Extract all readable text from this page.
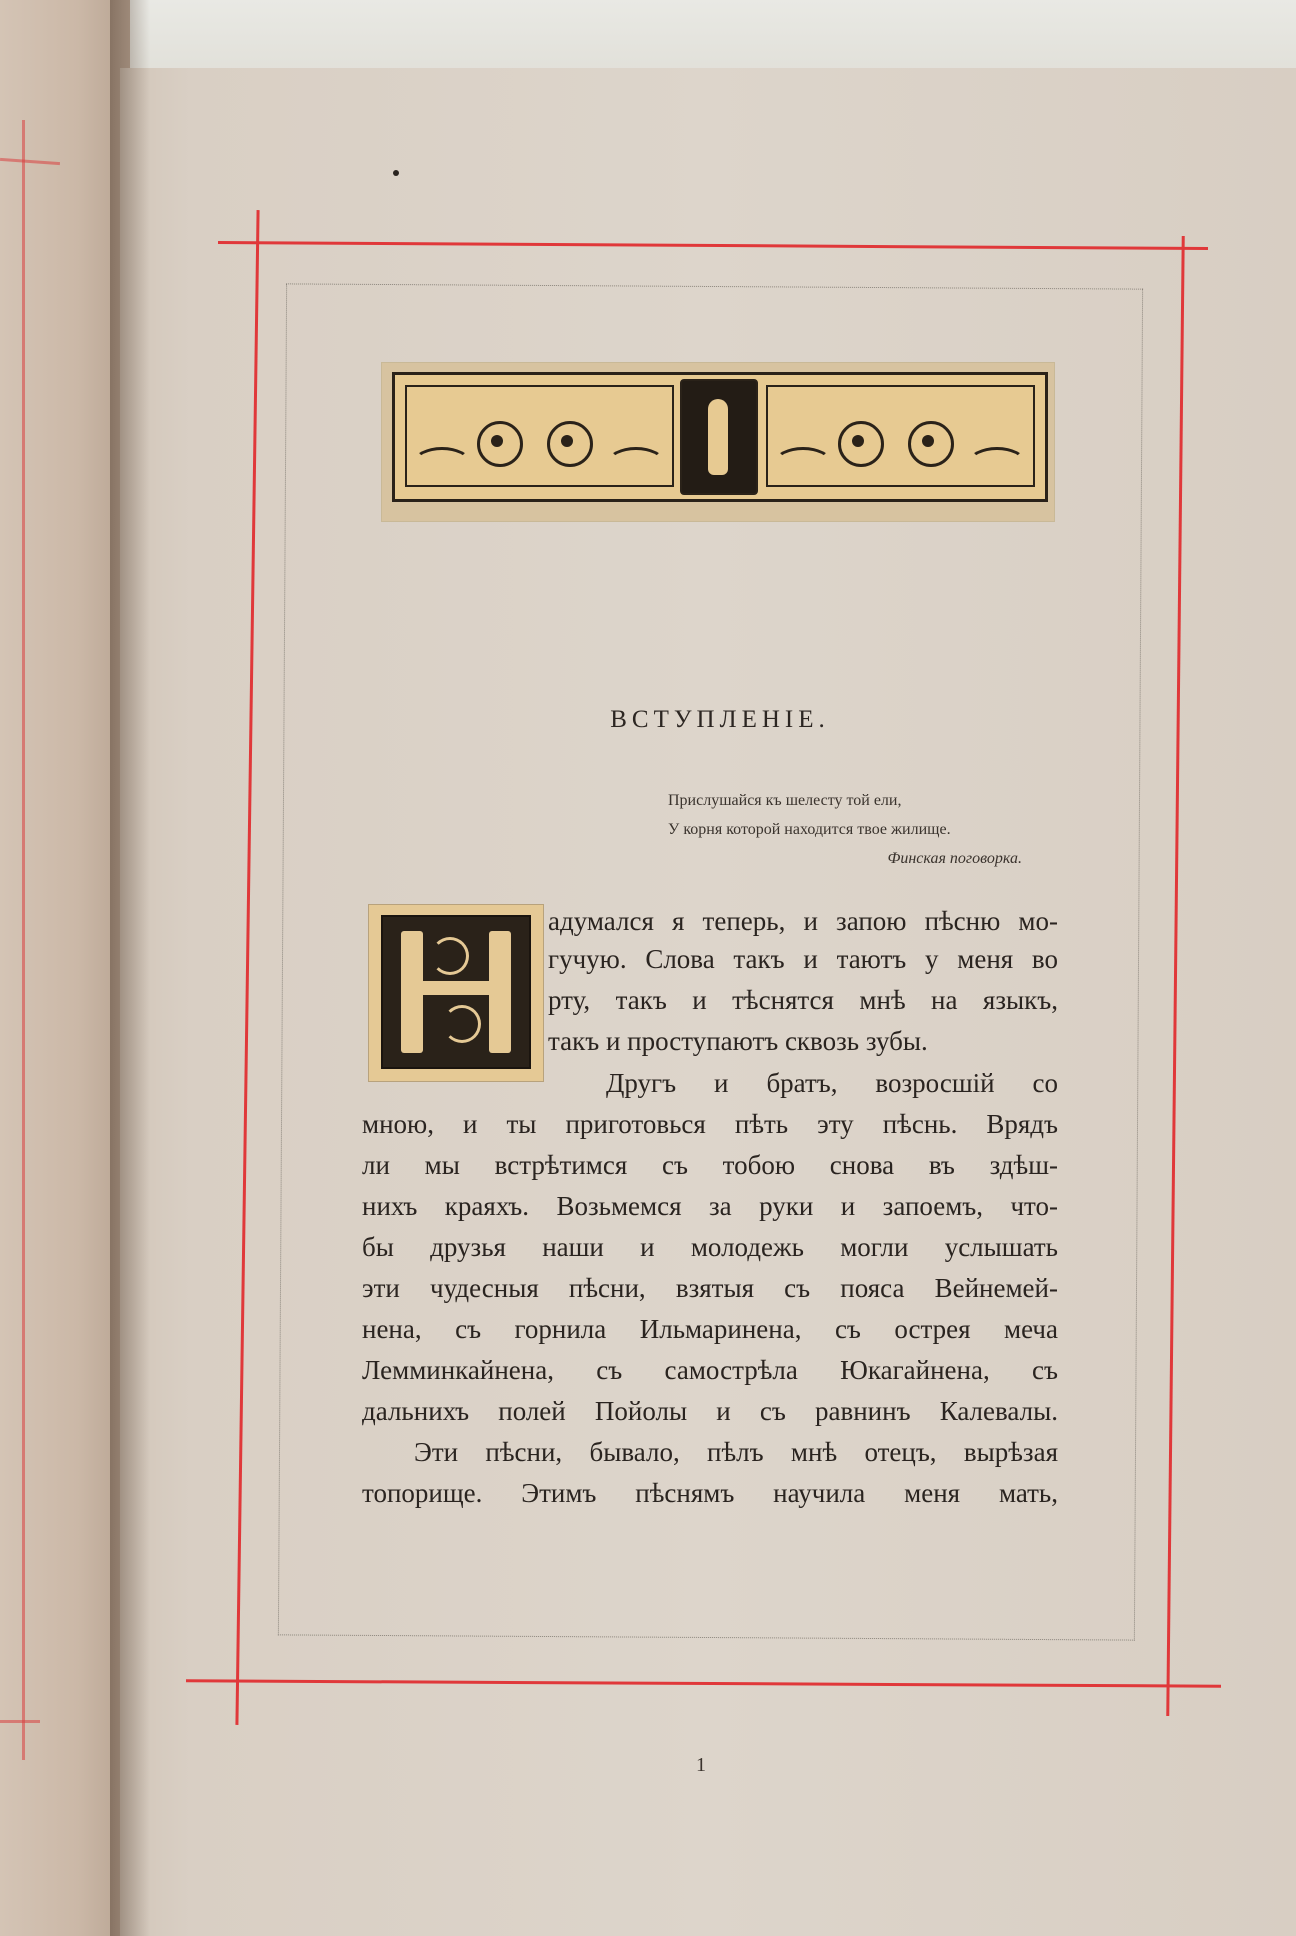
ВСТУПЛЕНІЕ.
Прислушайся къ шелесту той ели,
У корня которой находится твое жилище.
Финская поговорка.
адумался я теперь, и запою пѣсню мо-
гучую. Слова такъ и таютъ у меня во
рту, такъ и тѣснятся мнѣ на языкъ,
такъ и проступаютъ сквозь зубы.
Другъ и братъ, возросшій со
мною, и ты приготовься пѣть эту пѣснь. Врядъ
ли мы встрѣтимся съ тобою снова въ здѣш-
нихъ краяхъ. Возьмемся за руки и запоемъ, что-
бы друзья наши и молодежь могли услышать
эти чудесныя пѣсни, взятыя съ пояса Вейнемей-
нена, съ горнила Ильмаринена, съ острея меча
Лемминкайнена, съ самострѣла Юкагайнена, съ
дальнихъ полей Пойолы и съ равнинъ Калевалы.
Эти пѣсни, бывало, пѣлъ мнѣ отецъ, вырѣзая
топорище. Этимъ пѣснямъ научила меня мать,
1
